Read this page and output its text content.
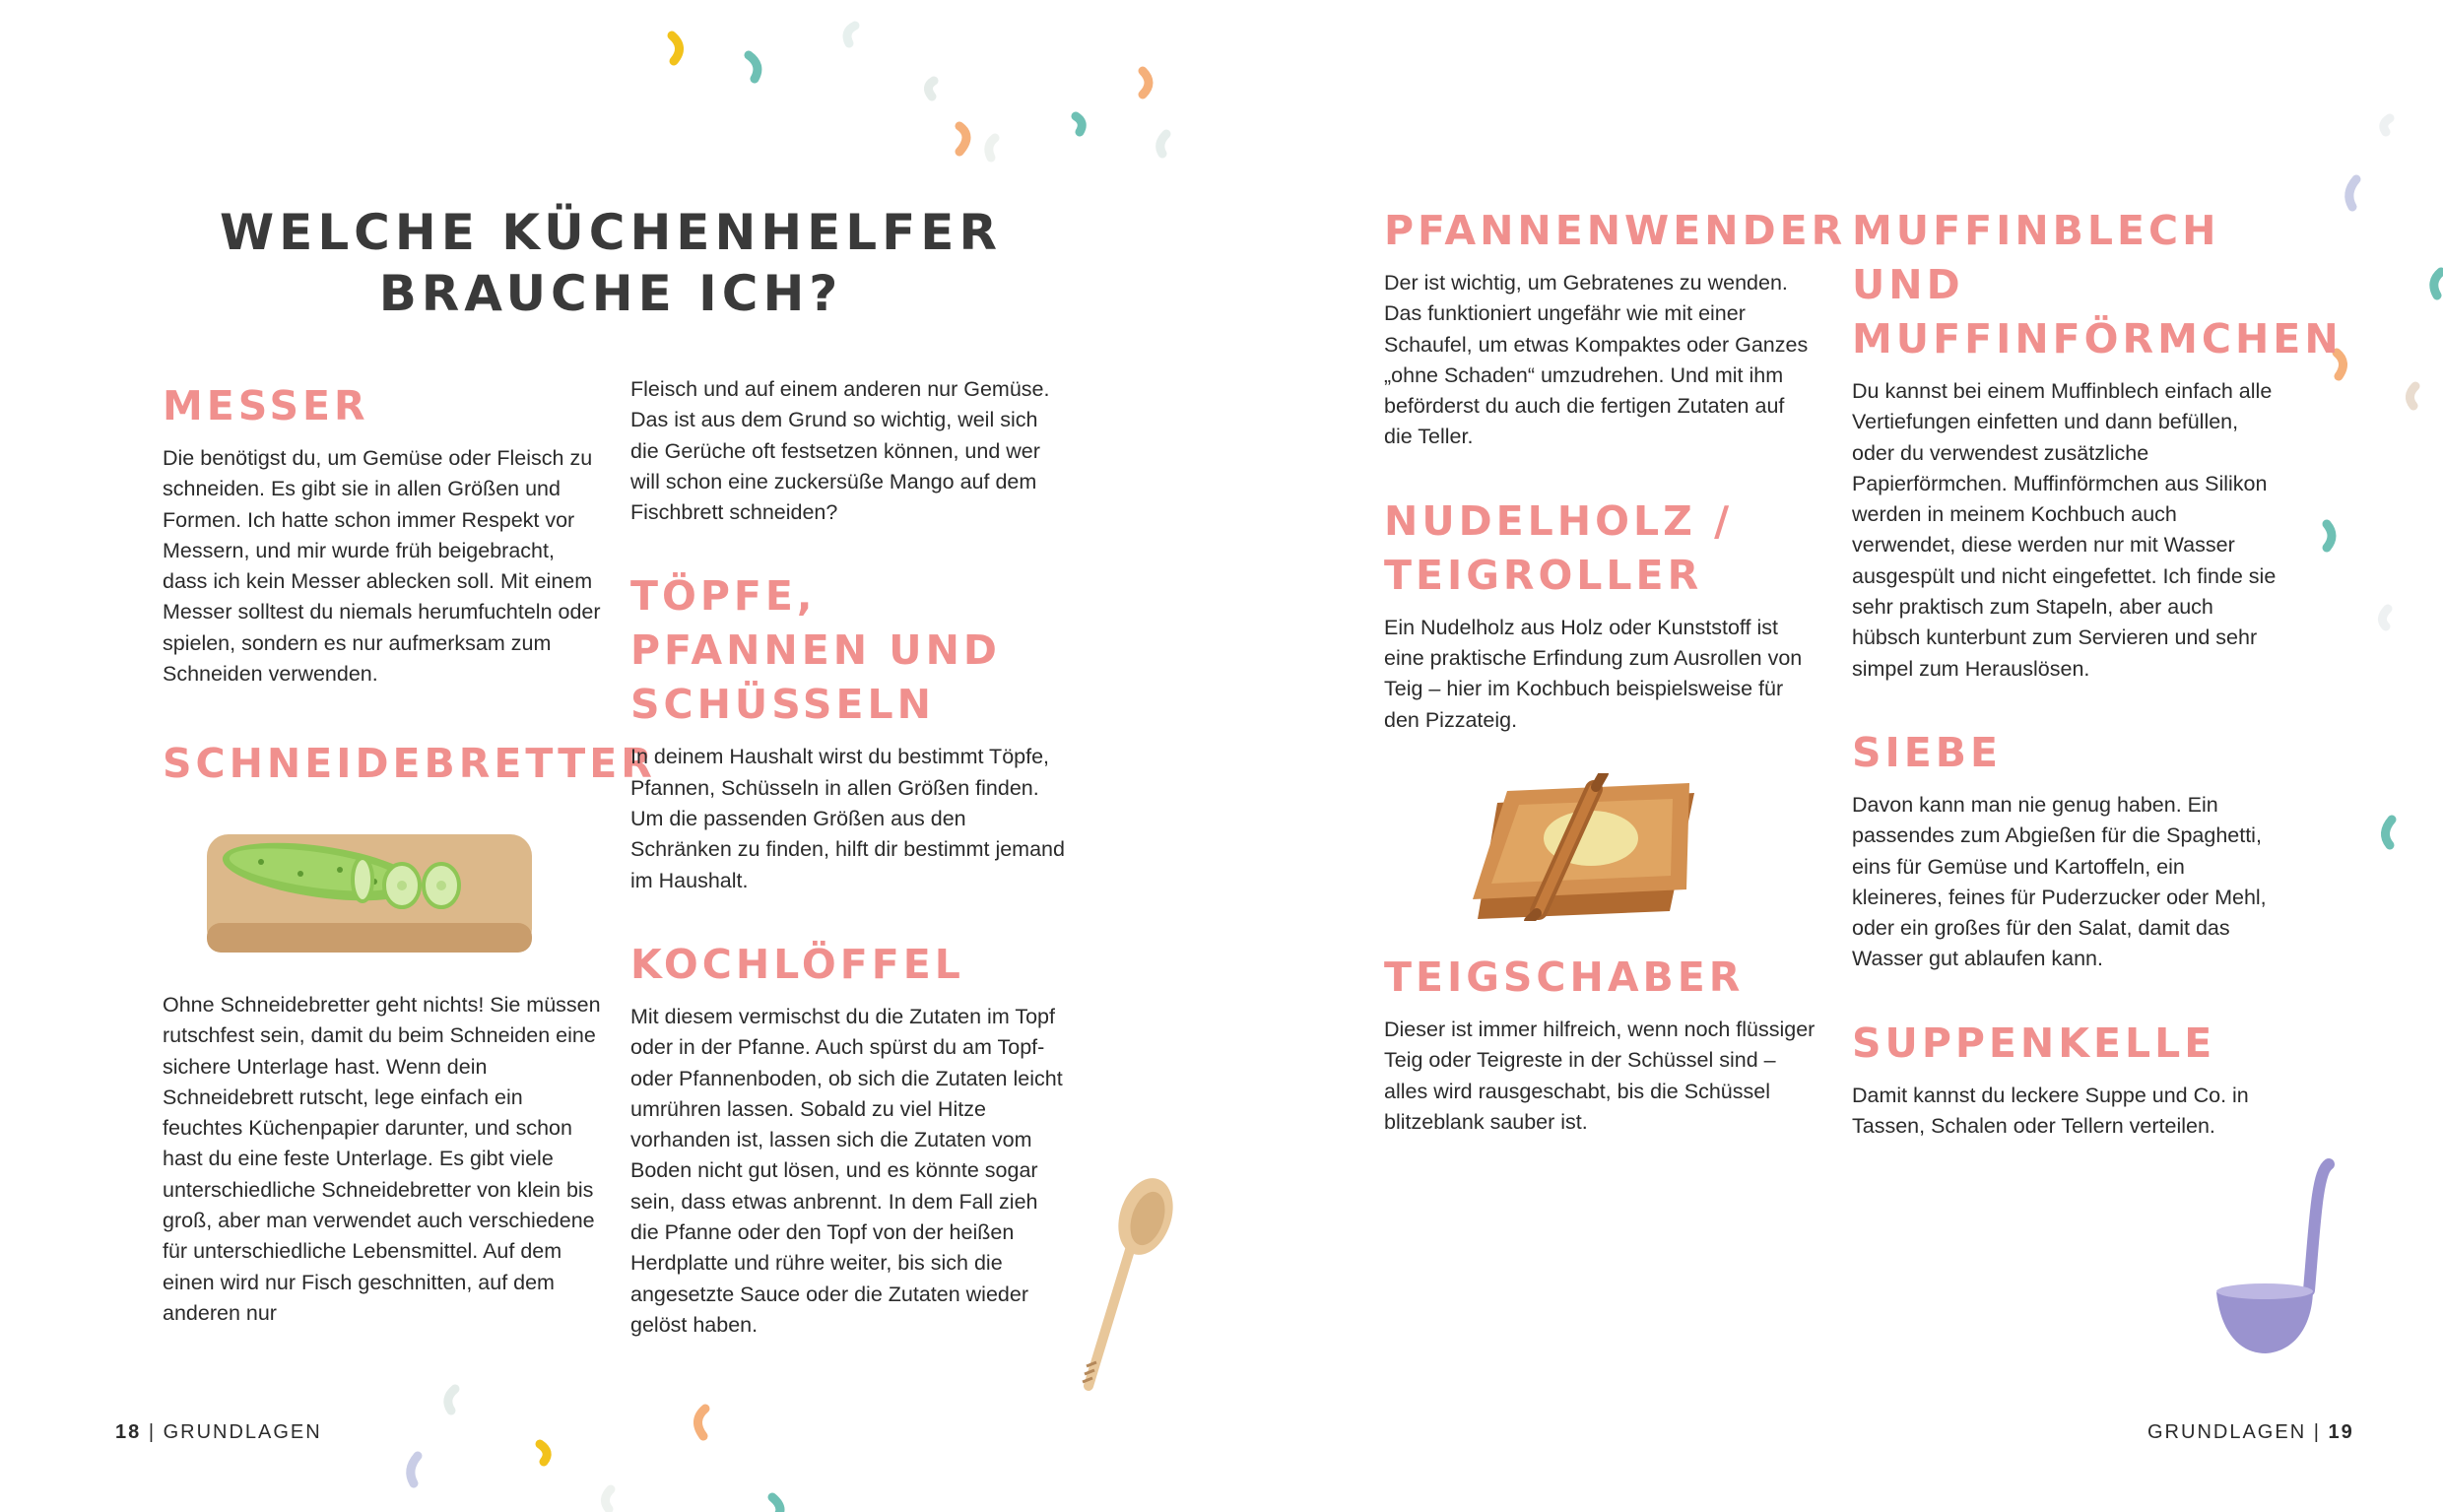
WELCHE KÜCHENHELFER
BRAUCHE ICH?
MESSER
Die benötigst du, um Gemüse oder Fleisch zu schneiden. Es gibt sie in allen Größen und Formen. Ich hatte schon immer Respekt vor Messern, und mir wurde früh beigebracht, dass ich kein Messer ablecken soll. Mit einem Messer solltest du niemals herumfuchteln oder spielen, sondern es nur aufmerksam zum Schneiden verwenden.
SCHNEIDEBRETTER
Ohne Schneidebretter geht nichts! Sie müssen rutschfest sein, damit du beim Schneiden eine sichere Unterlage hast. Wenn dein Schneidebrett rutscht, lege einfach ein feuchtes Küchenpapier darunter, und schon hast du eine feste Unterlage. Es gibt viele unterschiedliche Schneidebretter von klein bis groß, aber man verwendet auch verschiedene für unterschiedliche Lebensmittel. Auf dem einen wird nur Fisch geschnitten, auf dem anderen nur
Fleisch und auf einem anderen nur Gemüse. Das ist aus dem Grund so wichtig, weil sich die Gerüche oft festsetzen können, und wer will schon eine zuckersüße Mango auf dem Fischbrett schneiden?
TÖPFE, PFANNEN UND SCHÜSSELN
In deinem Haushalt wirst du bestimmt Töpfe, Pfannen, Schüsseln in allen Größen finden. Um die passenden Größen aus den Schränken zu finden, hilft dir bestimmt jemand im Haushalt.
KOCHLÖFFEL
Mit diesem vermischst du die Zutaten im Topf oder in der Pfanne. Auch spürst du am Topf- oder Pfannenboden, ob sich die Zutaten leicht umrühren lassen. Sobald zu viel Hitze vorhanden ist, lassen sich die Zutaten vom Boden nicht gut lösen, und es könnte sogar sein, dass etwas anbrennt. In dem Fall zieh die Pfanne oder den Topf von der heißen Herdplatte und rühre weiter, bis sich die angesetzte Sauce oder die Zutaten wieder gelöst haben.
18 | GRUNDLAGEN
PFANNENWENDER
Der ist wichtig, um Gebratenes zu wenden. Das funktioniert ungefähr wie mit einer Schaufel, um etwas Kompaktes oder Ganzes „ohne Schaden“ umzudrehen. Und mit ihm beförderst du auch die fertigen Zutaten auf die Teller.
NUDELHOLZ / TEIGROLLER
Ein Nudelholz aus Holz oder Kunststoff ist eine praktische Erfindung zum Ausrollen von Teig – hier im Kochbuch beispielsweise für den Pizzateig.
TEIGSCHABER
Dieser ist immer hilfreich, wenn noch flüssiger Teig oder Teigreste in der Schüssel sind – alles wird rausgeschabt, bis die Schüssel blitzeblank sauber ist.
MUFFINBLECH UND MUFFINFÖRMCHEN
Du kannst bei einem Muffinblech einfach alle Vertiefungen einfetten und dann befüllen, oder du verwendest zusätzliche Papierförmchen. Muffinförmchen aus Silikon werden in meinem Kochbuch auch verwendet, diese werden nur mit Wasser ausgespült und nicht eingefettet. Ich finde sie sehr praktisch zum Stapeln, aber auch hübsch kunterbunt zum Servieren und sehr simpel zum Herauslösen.
SIEBE
Davon kann man nie genug haben. Ein passendes zum Abgießen für die Spaghetti, eins für Gemüse und Kartoffeln, ein kleineres, feines für Puderzucker oder Mehl, oder ein großes für den Salat, damit das Wasser gut ablaufen kann.
SUPPENKELLE
Damit kannst du leckere Suppe und Co. in Tassen, Schalen oder Tellern verteilen.
GRUNDLAGEN | 19
